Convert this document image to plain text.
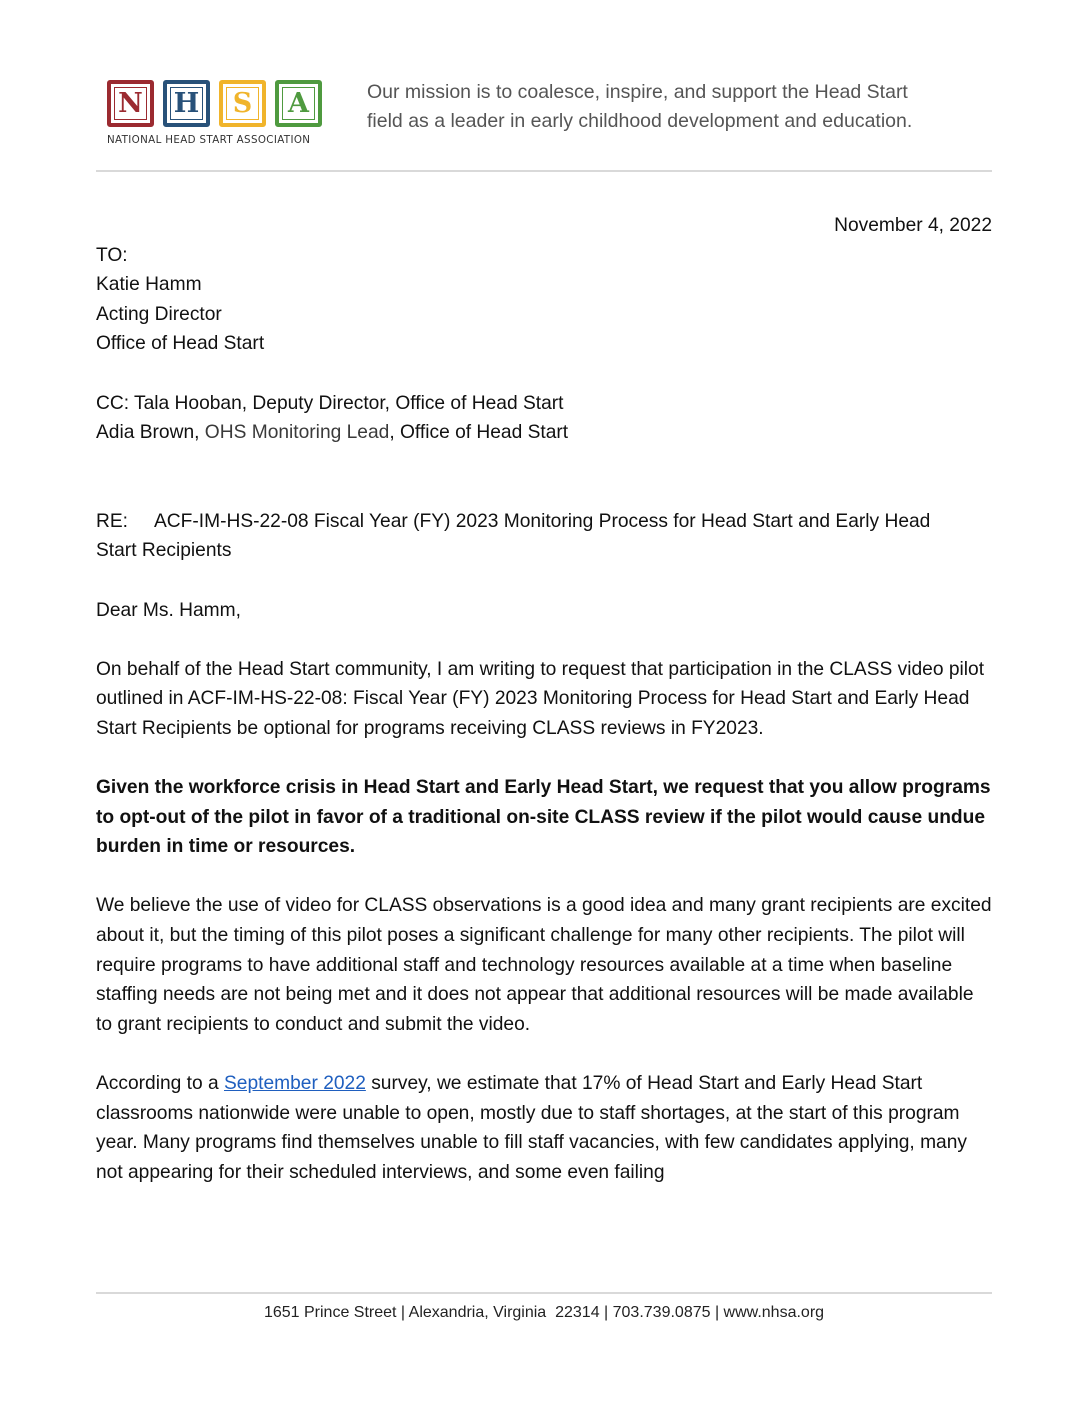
N H S A
NATIONAL HEAD START ASSOCIATION
Our mission is to coalesce, inspire, and support the Head Start
field as a leader in early childhood development and education.
November 4, 2022

TO:

Katie Hamm

Acting Director

Office of Head Start

CC: Tala Hooban, Deputy Director, Office of Head Start

Adia Brown, OHS Monitoring Lead, Office of Head Start

RE: ACF-IM-HS-22-08 Fiscal Year (FY) 2023 Monitoring Process for Head Start and Early Head

Start Recipients

Dear Ms. Hamm,

On behalf of the Head Start community, I am writing to request that participation in the CLASS video pilot outlined in ACF-IM-HS-22-08: Fiscal Year (FY) 2023 Monitoring Process for Head Start and Early Head Start Recipients be optional for programs receiving CLASS reviews in FY2023.

Given the workforce crisis in Head Start and Early Head Start, we request that you allow programs to opt-out of the pilot in favor of a traditional on-site CLASS review if the pilot would cause undue burden in time or resources.

We believe the use of video for CLASS observations is a good idea and many grant recipients are excited about it, but the timing of this pilot poses a significant challenge for many other recipients. The pilot will require programs to have additional staff and technology resources available at a time when baseline staffing needs are not being met and it does not appear that additional resources will be made available to grant recipients to conduct and submit the video.

According to a September 2022 survey, we estimate that 17% of Head Start and Early Head Start classrooms nationwide were unable to open, mostly due to staff shortages, at the start of this program year. Many programs find themselves unable to fill staff vacancies, with few candidates applying, many not appearing for their scheduled interviews, and some even failing

1651 Prince Street | Alexandria, Virginia  22314 | 703.739.0875 | www.nhsa.org
